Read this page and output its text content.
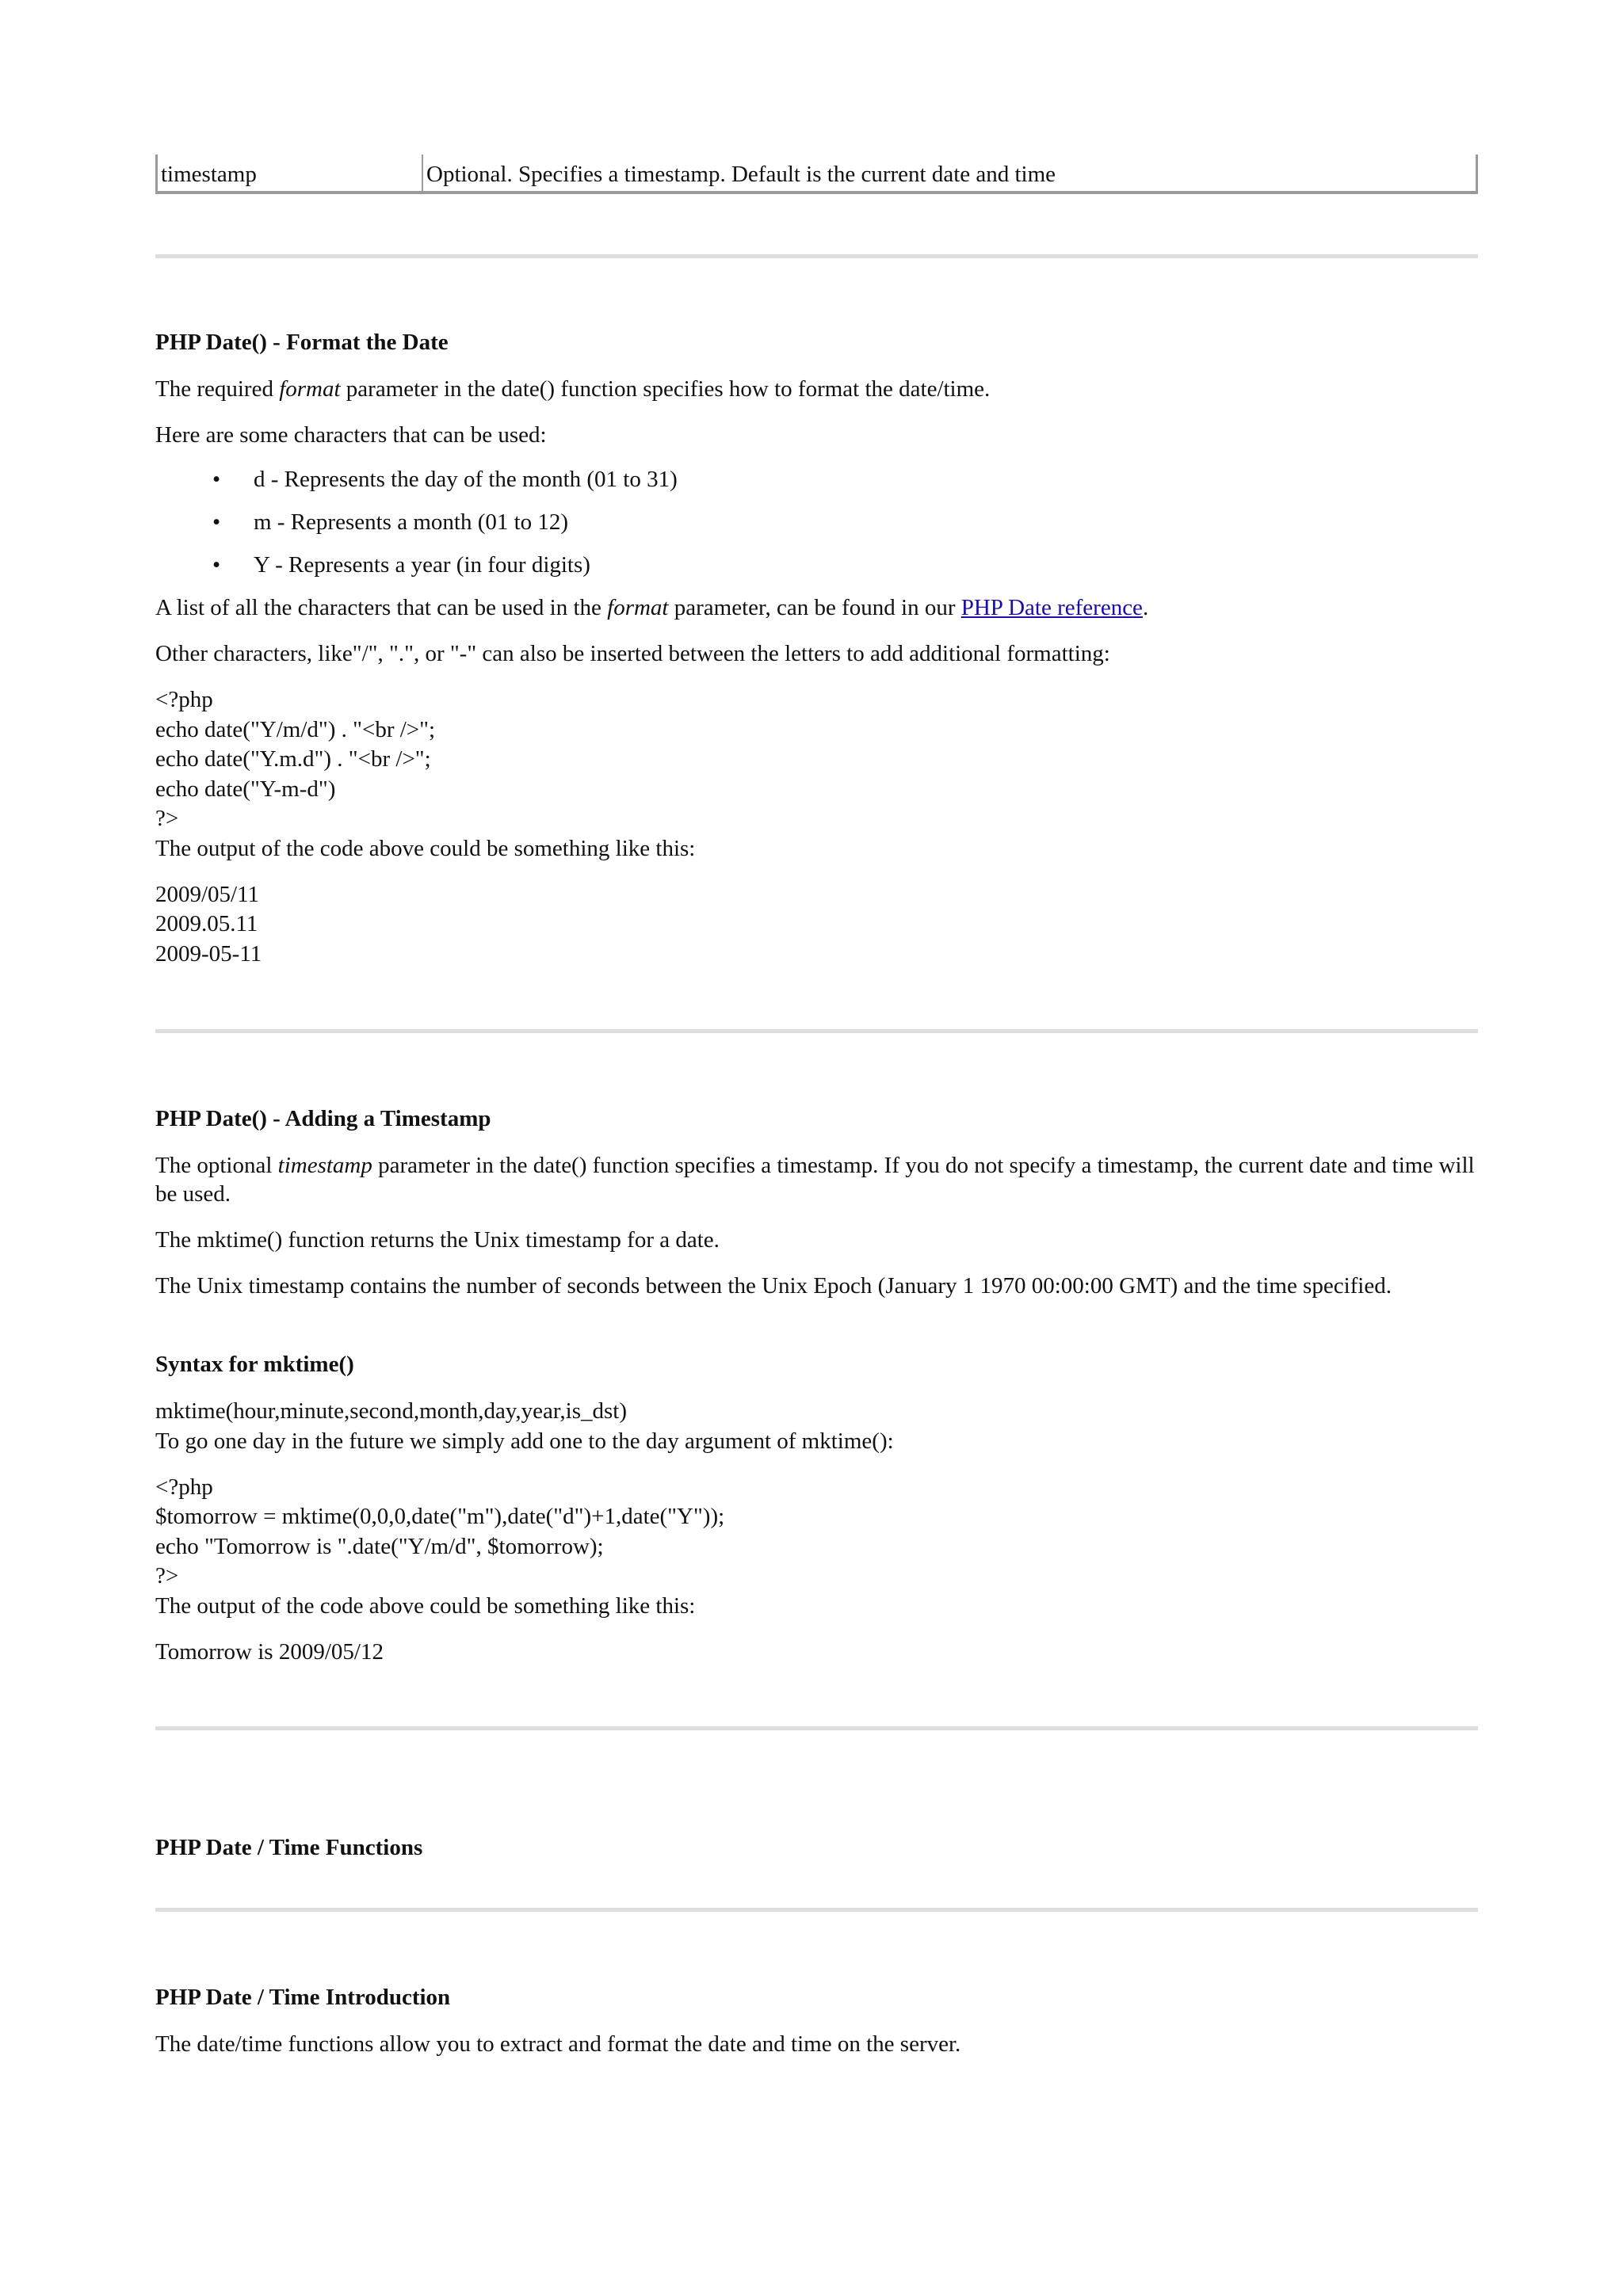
timestamp	Optional. Specifies a timestamp. Default is the current date and time
PHP Date() - Format the Date

The required format parameter in the date() function specifies how to format the date/time.

Here are some characters that can be used:

• d - Represents the day of the month (01 to 31)
• m - Represents a month (01 to 12)
• Y - Represents a year (in four digits)

A list of all the characters that can be used in the format parameter, can be found in our PHP Date reference.

Other characters, like"/", ".", or "-" can also be inserted between the letters to add additional formatting:

<?php
echo date("Y/m/d") . "<br />";
echo date("Y.m.d") . "<br />";
echo date("Y-m-d")
?>

The output of the code above could be something like this:

2009/05/11
2009.05.11
2009-05-11
PHP Date() - Adding a Timestamp

The optional timestamp parameter in the date() function specifies a timestamp. If you do not specify a timestamp, the current date and time will be used.

The mktime() function returns the Unix timestamp for a date.

The Unix timestamp contains the number of seconds between the Unix Epoch (January 1 1970 00:00:00 GMT) and the time specified.

Syntax for mktime()
mktime(hour,minute,second,month,day,year,is_dst)

To go one day in the future we simply add one to the day argument of mktime():

<?php
$tomorrow = mktime(0,0,0,date("m"),date("d")+1,date("Y"));
echo "Tomorrow is ".date("Y/m/d", $tomorrow);
?>

The output of the code above could be something like this:

Tomorrow is 2009/05/12

PHP Date / Time Functions
PHP Date / Time Introduction

The date/time functions allow you to extract and format the date and time on the server.
